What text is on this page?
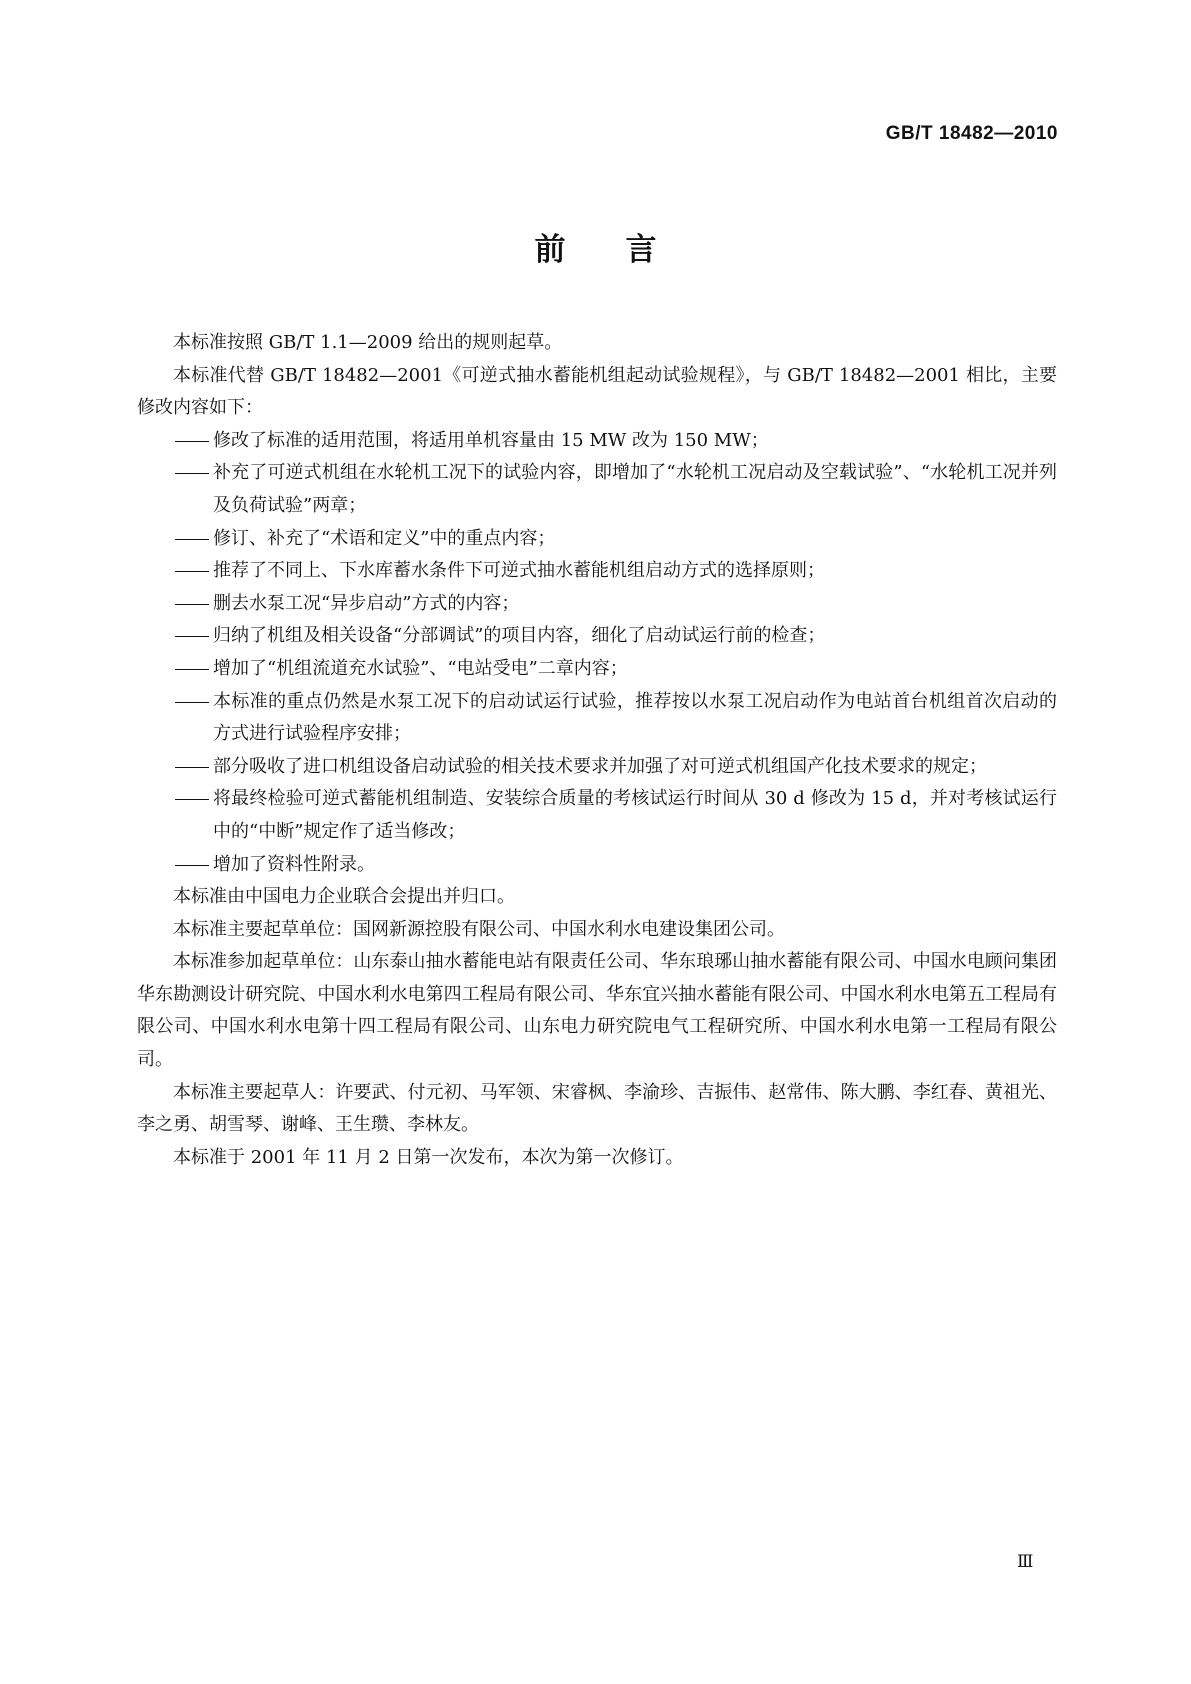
GB/T 18482—2010
前 言

本标准按照 GB/T 1.1—2009 给出的规则起草。

本标准代替 GB/T 18482—2001《可逆式抽水蓄能机组起动试验规程》，与 GB/T 18482—2001 相比，主要修改内容如下：

修改了标准的适用范围，将适用单机容量由 15 MW 改为 150 MW；

补充了可逆式机组在水轮机工况下的试验内容，即增加了“水轮机工况启动及空载试验”、“水轮机工况并列及负荷试验”两章；

修订、补充了“术语和定义”中的重点内容；

推荐了不同上、下水库蓄水条件下可逆式抽水蓄能机组启动方式的选择原则；

删去水泵工况“异步启动”方式的内容；

归纳了机组及相关设备“分部调试”的项目内容，细化了启动试运行前的检查；

增加了“机组流道充水试验”、“电站受电”二章内容；

本标准的重点仍然是水泵工况下的启动试运行试验，推荐按以水泵工况启动作为电站首台机组首次启动的方式进行试验程序安排；

部分吸收了进口机组设备启动试验的相关技术要求并加强了对可逆式机组国产化技术要求的规定；

将最终检验可逆式蓄能机组制造、安装综合质量的考核试运行时间从 30 d 修改为 15 d，并对考核试运行中的“中断”规定作了适当修改；

增加了资料性附录。

本标准由中国电力企业联合会提出并归口。

本标准主要起草单位：国网新源控股有限公司、中国水利水电建设集团公司。

本标准参加起草单位：山东泰山抽水蓄能电站有限责任公司、华东琅琊山抽水蓄能有限公司、中国水电顾问集团华东勘测设计研究院、中国水利水电第四工程局有限公司、华东宜兴抽水蓄能有限公司、中国水利水电第五工程局有限公司、中国水利水电第十四工程局有限公司、山东电力研究院电气工程研究所、中国水利水电第一工程局有限公司。

本标准主要起草人：许要武、付元初、马军领、宋睿枫、李渝珍、吉振伟、赵常伟、陈大鹏、李红春、黄祖光、李之勇、胡雪琴、谢峰、王生瓒、李林友。

本标准于 2001 年 11 月 2 日第一次发布，本次为第一次修订。

Ⅲ
